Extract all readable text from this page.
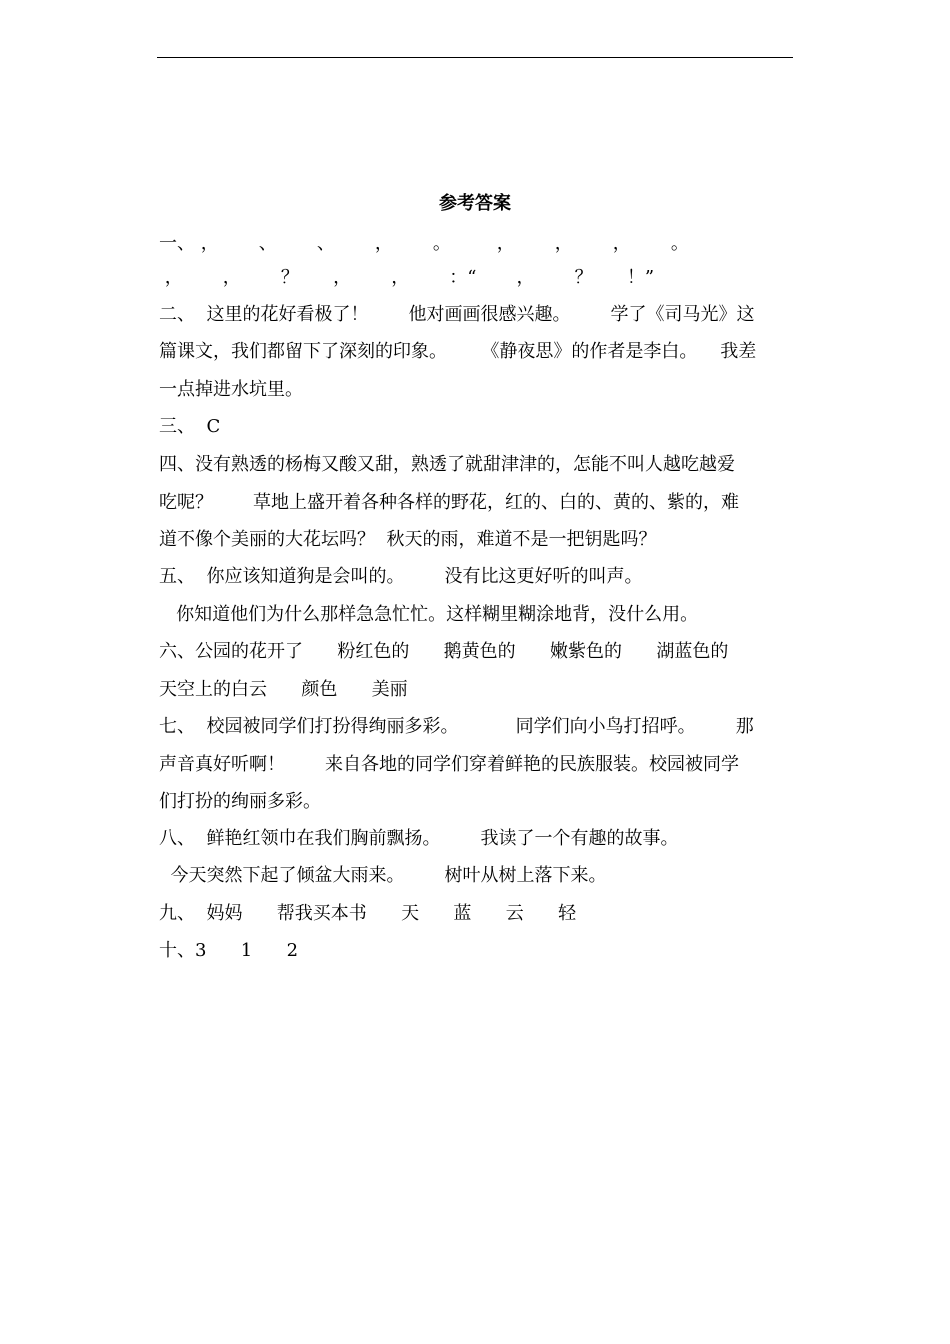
参考答案
一、 ，       、       、       ，       。        ，       ，       ，       。
，       ，       ？      ，       ，       ：“       ，       ？      ！”
二、  这里的花好看极了！       他对画画很感兴趣。       学了《司马光》这
篇课文，我们都留下了深刻的印象。      《静夜思》的作者是李白。    我差
一点掉进水坑里。
三、  C
四、没有熟透的杨梅又酸又甜，熟透了就甜津津的，怎能不叫人越吃越爱
吃呢？       草地上盛开着各种各样的野花，红的、白的、黄的、紫的，难
道不像个美丽的大花坛吗？  秋天的雨，难道不是一把钥匙吗？
五、  你应该知道狗是会叫的。       没有比这更好听的叫声。
你知道他们为什么那样急急忙忙。这样糊里糊涂地背，没什么用。
六、公园的花开了      粉红色的      鹅黄色的      嫩紫色的      湖蓝色的
天空上的白云      颜色      美丽
七、  校园被同学们打扮得绚丽多彩。          同学们向小鸟打招呼。       那
声音真好听啊！       来自各地的同学们穿着鲜艳的民族服装。校园被同学
们打扮的绚丽多彩。
八、  鲜艳红领巾在我们胸前飘扬。       我读了一个有趣的故事。
今天突然下起了倾盆大雨来。       树叶从树上落下来。
九、  妈妈      帮我买本书      天      蓝      云      轻
十、3      1      2
